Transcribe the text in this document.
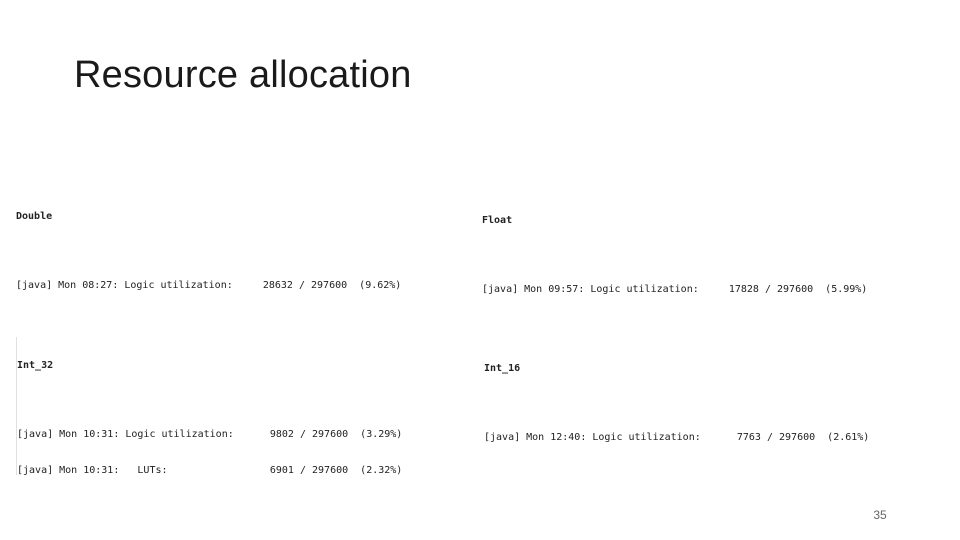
Resource allocation

Double

[java] Mon 08:27: Logic utilization:     28632 / 297600  (9.62%)

Float

[java] Mon 09:57: Logic utilization:     17828 / 297600  (5.99%)

Int_32

[java] Mon 10:31: Logic utilization:      9802 / 297600  (3.29%)

[java] Mon 10:31:   LUTs:                 6901 / 297600  (2.32%)

Int_16

[java] Mon 12:40: Logic utilization:      7763 / 297600  (2.61%)

35
